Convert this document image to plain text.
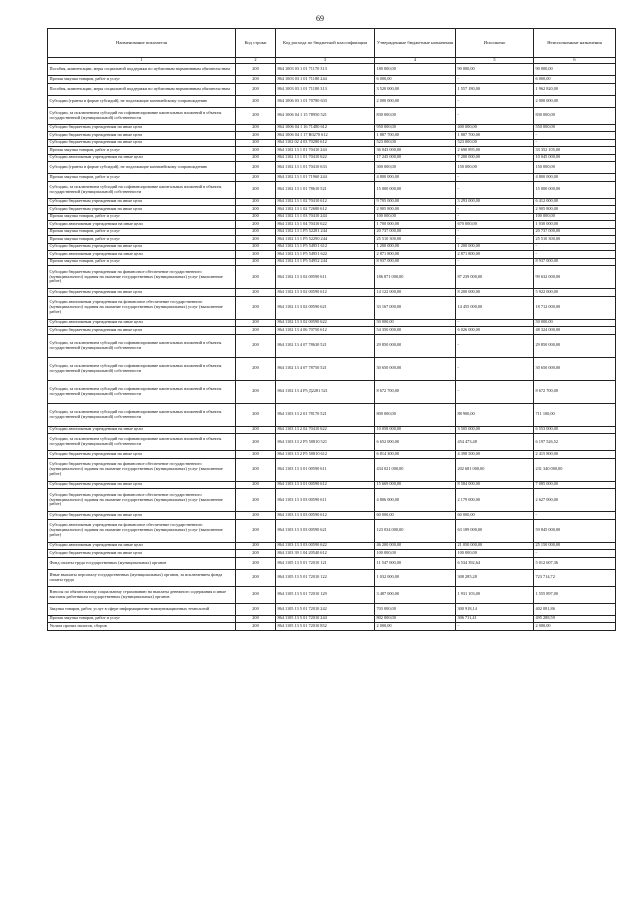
69
Наименование показателя	Код строки	Код расхода по бюджетной классификации	Утвержденные бюджетные назначения	Исполнено	Неисполненные назначения
1	2	3	4	5	6
Пособия, компенсации, меры социальной поддержки по публичным нормативным обязательствам	200	864 1003 03 1 01 71170 313	180 000,00	90 000,00	90 000,00
Прочая закупка товаров, работ и услуг	200	864 1003 03 1 01 71180 244	6 000,00	-	6 000,00
Пособия, компенсации, меры социальной поддержки по публичным нормативным обязательствам	200	864 1003 03 1 01 71180 313	3 520 000,00	1 557 180,00	1 962 820,00
Субсидии (гранты в форме субсидий), не подлежащие казначейскому сопровождению	200	864 1006 03 1 01 70780 633	2 000 000,00	-	2 000 000,00
Субсидии, за исключением субсидий на софинансирование капитальных вложений в объекты государственной (муниципальной) собственности	200	864 1006 04 1 15 78950 521	830 000,00	-	830 000,00
Субсидии бюджетным учреждениям на иные цели	200	864 1006 04 1 16 71480 612	950 000,00	400 000,00	550 000,00
Субсидии бюджетным учреждениям на иные цели	200	864 1006 04 1 17 R0270 612	1 887 700,00	1 887 700,00	-
Субсидии бюджетным учреждениям на иные цели	200	864 1102 02 4 03 70280 612	523 000,00	523 000,00	-
Прочая закупка товаров, работ и услуг	200	864 1102 13 1 01 70410 244	36 043 000,00	2 690 895,00	33 352 105,00
Субсидии автономным учреждениям на иные цели	200	864 1102 13 1 01 70410 622	17 245 000,00	7 200 000,00	10 045 000,00
Субсидии (гранты в форме субсидий), не подлежащие казначейскому сопровождению	200	864 1102 13 1 01 70410 633	300 000,00	150 000,00	150 000,00
Прочая закупка товаров, работ и услуг	200	864 1102 13 1 01 71960 244	4 800 000,00	-	4 800 000,00
Субсидии, за исключением субсидий на софинансирование капитальных вложений в объекты государственной (муниципальной) собственности	200	864 1102 13 1 01 78610 521	15 000 000,00	-	15 000 000,00
Субсидии бюджетным учреждениям на иные цели	200	864 1102 13 1 02 70410 612	9 705 000,00	3 293 000,00	6 412 000,00
Субсидии бюджетным учреждениям на иные цели	200	864 1102 13 1 02 72680 612	2 905 800,00	-	2 905 800,00
Прочая закупка товаров, работ и услуг	200	864 1102 13 1 03 70410 244	100 000,00	-	100 000,00
Субсидии автономным учреждениям на иные цели	200	864 1102 13 1 04 70410 622	1 700 000,00	670 000,00	1 030 000,00
Прочая закупка товаров, работ и услуг	200	864 1102 13 1 P5 52281 244	20 737 000,00	-	20 737 000,00
Прочая закупка товаров, работ и услуг	200	864 1102 13 1 P5 52290 244	25 510 300,00	-	25 510 300,00
Субсидии бюджетным учреждениям на иные цели	200	864 1102 13 1 P5 54951 612	1 200 000,00	1 200 000,00	-
Субсидии автономным учреждениям на иные цели	200	864 1102 13 1 P5 54951 622	2 871 800,00	2 871 800,00	-
Прочая закупка товаров, работ и услуг	200	864 1102 13 1 P5 54952 244	8 937 000,00	-	8 937 000,00
Субсидии бюджетным учреждениям на финансовое обеспечение государственного (муниципального) задания на оказание государственных (муниципальных) услуг (выполнение работ)	200	864 1102 13 3 02 00590 611	186 871 000,00	87 239 000,00	99 632 000,00
Субсидии бюджетным учреждениям на иные цели	200	864 1102 13 3 02 00590 612	14 122 000,00	8 200 000,00	5 922 000,00
Субсидии автономным учреждениям на финансовое обеспечение государственного (муниципального) задания на оказание государственных (муниципальных) услуг (выполнение работ)	200	864 1102 13 3 02 00590 621	33 167 000,00	14 455 000,00	18 712 000,00
Субсидии автономным учреждениям на иные цели	200	864 1102 13 3 02 00590 622	50 000,00	-	50 000,00
Субсидии бюджетным учреждениям на иные цели	200	864 1102 13 4 06 70750 612	54 350 000,00	6 026 000,00	48 324 000,00
Субсидии, за исключением субсидий на софинансирование капитальных вложений в объекты государственной (муниципальной) собственности	200	864 1102 13 4 07 78630 521	29 850 000,00	-	29 850 000,00
Субсидии, за исключением субсидий на софинансирование капитальных вложений в объекты государственной (муниципальной) собственности	200	864 1102 13 4 07 78750 521	30 650 000,00	-	30 650 000,00
Субсидии, за исключением субсидий на софинансирование капитальных вложений в объекты государственной (муниципальной) собственности	200	864 1102 13 4 P5 Д2281 521	8 672 700,00	-	8 672 700,00
Субсидии, за исключением субсидий на софинансирование капитальных вложений в объекты государственной (муниципальной) собственности	200	864 1103 13 2 01 78170 521	800 000,00	88 900,00	711 100,00
Субсидии автономным учреждениям на иные цели	200	864 1103 13 2 02 70410 622	10 058 000,00	3 505 000,00	6 553 000,00
Субсидии, за исключением субсидий на софинансирование капитальных вложений в объекты государственной (муниципальной) собственности	200	864 1103 13 2 P5 50810 521	6 652 000,00	454 473,48	6 197 526,52
Субсидии бюджетным учреждениям на иные цели	200	864 1103 13 2 P5 50810 612	6 814 300,00	4 398 500,00	2 415 800,00
Субсидии бюджетным учреждениям на финансовое обеспечение государственного (муниципального) задания на оказание государственных (муниципальных) услуг (выполнение работ)	200	864 1103 13 3 01 00590 611	434 021 000,00	202 681 000,00	231 340 000,00
Субсидии бюджетным учреждениям на иные цели	200	864 1103 13 3 01 00590 612	15 669 000,00	8 584 000,00	7 085 000,00
Субсидии бюджетным учреждениям на финансовое обеспечение государственного (муниципального) задания на оказание государственных (муниципальных) услуг (выполнение работ)	200	864 1103 13 3 03 00590 611	4 806 000,00	2 179 000,00	2 627 000,00
Субсидии бюджетным учреждениям на иные цели	200	864 1103 13 3 03 00590 612	60 000,00	60 000,00	-
Субсидии автономным учреждениям на финансовое обеспечение государственного (муниципального) задания на оказание государственных (муниципальных) услуг (выполнение работ)	200	864 1103 13 3 03 00590 621	123 034 000,00	63 189 000,00	59 845 000,00
Субсидии автономным учреждениям на иные цели	200	864 1103 13 3 03 00590 622	46 200 000,00	21 050 000,00	25 150 000,00
Субсидии бюджетным учреждениям на иные цели	200	864 1103 39 1 04 20540 612	100 000,00	100 000,00	-
Фонд оплаты труда государственных (муниципальных) органов	200	864 1105 13 5 01 72010 121	11 547 000,00	6 534 392,64	5 012 607,36
Иные выплаты персоналу государственных (муниципальных) органов, за исключением фонда оплаты труда	200	864 1105 13 5 01 72010 122	1 032 000,00	308 285,28	723 714,72
Взносы по обязательному социальному страхованию на выплаты денежного содержания и иные выплаты работникам государственных (муниципальных) органов	200	864 1105 13 5 01 72010 129	3 487 000,00	1 931 103,00	1 555 897,00
Закупка товаров, работ, услуг в сфере информационно-коммуникационных технологий	200	864 1105 13 5 01 72010 242	703 000,00	300 918,14	402 081,86
Прочая закупка товаров, работ и услуг	200	864 1105 13 5 01 72010 244	802 000,00	306 711,41	495 288,59
Уплата прочих налогов, сборов	200	864 1105 13 5 01 72010 852	2 000,00	-	2 000,00
